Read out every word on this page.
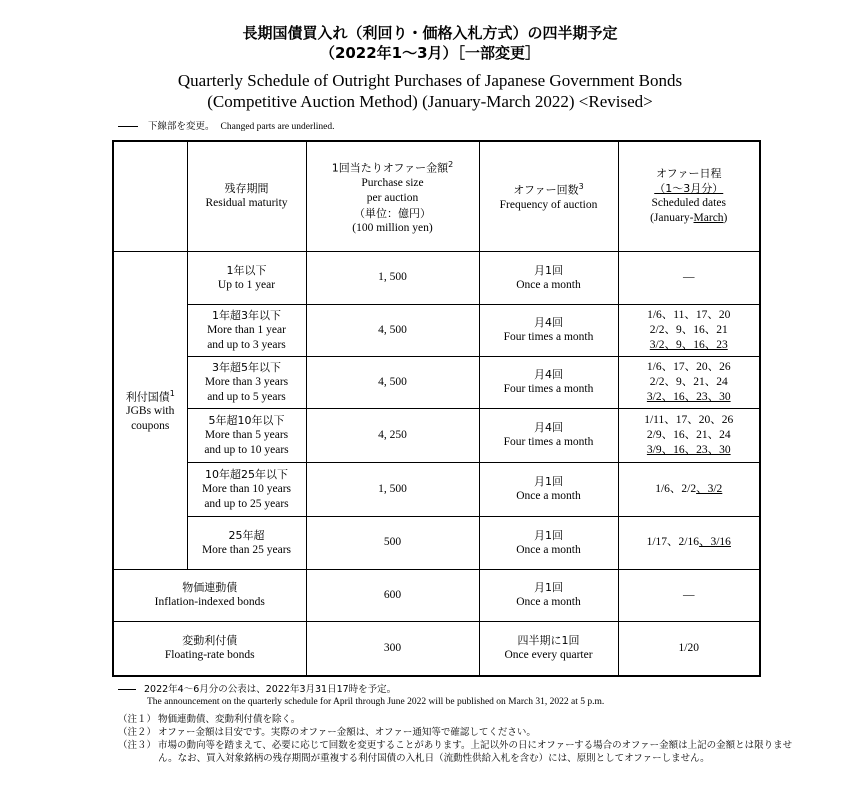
長期国債買入れ（利回り・価格入札方式）の四半期予定
（2022年1～3月）［一部変更］
Quarterly Schedule of Outright Purchases of Japanese Government Bonds
(Competitive Auction Method) (January-March 2022) <Revised>
下線部を変更。 Changed parts are underlined.

	残存期間
Residual maturity	1回当たりオファー金額$^2$
Purchase size
per auction
（単位：億円）
(100 million yen)	オファー回数$^3$
Frequency of auction	オファー日程
（1～3月分）
Scheduled dates
(January-March)

利付国債$^1$
JGBs with
coupons	1年以下
Up to 1 year	1, 500	月1回
Once a month	—

	1年超3年以下
More than 1 year
and up to 3 years	4, 500	月4回
Four times a month	1/6、11、17、20
2/2、9、16、21
3/2、9、16、23

	3年超5年以下
More than 3 years
and up to 5 years	4, 500	月4回
Four times a month	1/6、17、20、26
2/2、9、21、24
3/2、16、23、30

	5年超10年以下
More than 5 years
and up to 10 years	4, 250	月4回
Four times a month	1/11、17、20、26
2/9、16、21、24
3/9、16、23、30

	10年超25年以下
More than 10 years
and up to 25 years	1, 500	月1回
Once a month	1/6、2/2、3/2

	25年超
More than 25 years	500	月1回
Once a month	1/17、2/16、3/16

物価連動債
Inflation-indexed bonds		600	月1回
Once a month	—

変動利付債
Floating-rate bonds		300	四半期に1回
Once every quarter	1/20
2022年4～6月分の公表は、2022年3月31日17時を予定。
The announcement on the quarterly schedule for April through June 2022 will be published on March 31, 2022 at 5 p.m.
（注１） 物価連動債、変動利付債を除く。
（注２） オファー金額は目安です。実際のオファー金額は、オファー通知等で確認してください。
（注３） 市場の動向等を踏まえて、必要に応じて回数を変更することがあります。上記以外の日にオファーする場合のオファー金額は上記の金額とは限りません。なお、買入対象銘柄の残存期間が重複する利付国債の入札日（流動性供給入札を含む）には、原則としてオファーしません。
